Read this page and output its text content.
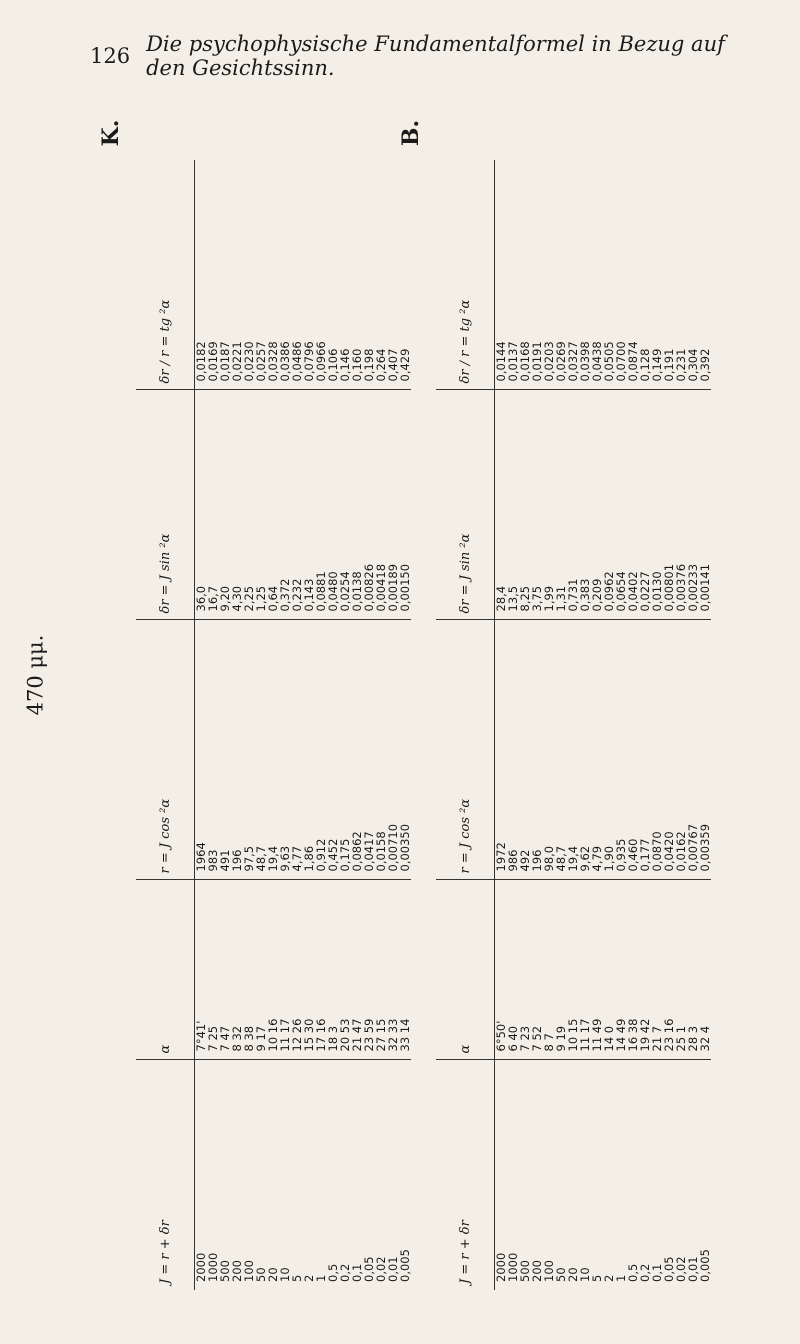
126 Die psychophysische Fundamentalformel in Bezug auf den Gesichtssinn.
470 μμ.
J = r + δr	α	r = J cos ²α	δr = J sin ²α	δr / r = tg ²α
2000	7°41'	1964	36,0	0,0182
1000	7 25	983	16,7	0,0169
500	7 47	491	9,20	0,0187
200	8 32	196	4,30	0,0221
100	8 38	97,5	2,25	0,0230
50	9 17	48,7	1,25	0,0257
20	10 16	19,4	0,64	0,0328
10	11 17	9,63	0,372	0,0386
5	12 26	4,77	0,232	0,0486
2	15 30	1,86	0,143	0,0796
1	17 16	0,912	0,0881	0,0966
0,5	18 3	0,452	0,0480	0,106
0,2	20 53	0,175	0,0254	0,146
0,1	21 47	0,0862	0,0138	0,160
0,05	23 59	0,0417	0,00826	0,198
0,02	27 15	0,0158	0,00418	0,264
0,01	32 33	0,00710	0,00189	0,407
0,005	33 14	0,00350	0,00150	0,429
K.
J = r + δr	α	r = J cos ²α	δr = J sin ²α	δr / r = tg ²α
2000	6°50'	1972	28,4	0,0144
1000	6 40	986	13,5	0,0137
500	7 23	492	8,25	0,0168
200	7 52	196	3,75	0,0191
100	8 7	98,0	1,99	0,0203
50	9 19	48,7	1,31	0,0269
20	10 15	19,4	0,731	0,0327
10	11 17	9,62	0,383	0,0398
5	11 49	4,79	0,209	0,0438
2	14 0	1,90	0,0962	0,0505
1	14 49	0,935	0,0654	0,0700
0,5	16 38	0,460	0,0402	0,0874
0,2	19 42	0,177	0,0227	0,128
0,1	21 7	0,0870	0,0130	0,149
0,05	23 16	0,0420	0,00801	0,191
0,02	25 1	0,0162	0,00376	0,231
0,01	28 3	0,00767	0,00233	0,304
0,005	32 4	0,00359	0,00141	0,392
B.
